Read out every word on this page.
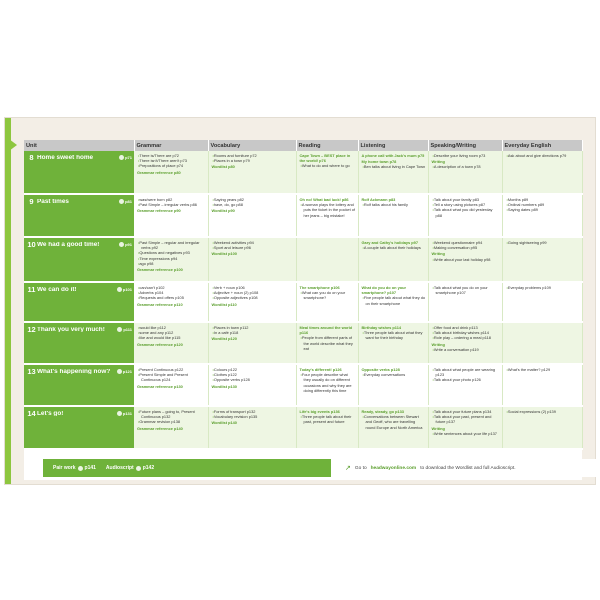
Unit	Grammar	Vocabulary	Reading	Listening	Speaking/Writing	Everyday English

8 Home sweet home p71	• There is/There are p72
• There isn't/There aren't p73
• Prepositions of place p74
Grammar reference p80	• Rooms and furniture p72
• Places in a town p79
Wordlist p80	Cape Town – BEST place in the world! p76
• What to do and where to go	A phone call with Jack's mum p75
My home town p78
• Ben talks about living in Cape Town	• Describe your living room p73
Writing
• A description of a town p78	• Ask about and give directions p79

9 Past times p81	• was/were born p82
• Past Simple – irregular verbs p86
Grammar reference p90	• Saying years p82
• have, do, go p88
Wordlist p90	Oh no! What bad luck! p86
• A woman plays the lottery and puts the ticket in the pocket of her jeans – big mistake!	Rolf Ackmann p83
• Rolf talks about his family	• Talk about your family p83
• Tell a story using pictures p87
• Talk about what you did yesterday p88	• Months p89
• Ordinal numbers p89
• Saying dates p89

10 We had a good time! p91	• Past Simple – regular and irregular verbs p92
• Questions and negatives p93
• Time expressions p94
• ago p98
Grammar reference p100	• Weekend activities p94
• Sport and leisure p96
Wordlist p100		Gary and Cathy's holidays p97
• A couple talk about their holidays	• Weekend questionnaire p94
• Making conversation p95
Writing
• Write about your last holiday p98	• Going sightseeing p99

11 We can do it! p101	• can/can't p102
• Adverbs p104
• Requests and offers p105
Grammar reference p110	• Verb + noun p106
• Adjective + noun (2) p108
• Opposite adjectives p108
Wordlist p110	The smartphone p106
• What can you do on your smartphone?	What do you do on your smartphone? p107
• Five people talk about what they do on their smartphone	• Talk about what you do on your smartphone p107	• Everyday problems p109

12 Thank you very much! p111	• would like p112
• some and any p112
• like and would like p115
Grammar reference p120	• Places in town p112
• In a café p118
Wordlist p120	Meal times around the world p116
• People from different parts of the world describe what they eat	Birthday wishes p114
• Three people talk about what they want for their birthday	• Offer food and drink p113
• Talk about birthday wishes p114
• Role play – ordering a meal p118
Writing
• Write a conversation p119

13 What's happening now? p121	• Present Continuous p122
• Present Simple and Present Continuous p124
Grammar reference p130	• Colours p122
• Clothes p122
• Opposite verbs p128
Wordlist p130	Today's different! p126
• Four people describe what they usually do on different occasions and why they are doing differently this time	Opposite verbs p128
• Everyday conversations	• Talk about what people are wearing p123
• Talk about your photo p126	• What's the matter? p129

14 Let's go! p131	• Future plans – going to, Present Continuous p132
• Grammar revision p138
Grammar reference p140	• Forms of transport p132
• Vocabulary revision p135
Wordlist p140	Life's big events p136
• Three people talk about their past, present and future	Ready, steady, go p133
• Conversations between Stewart and Geoff, who are travelling round Europe and North America	• Talk about your future plans p134
• Talk about your past, present and future p137
Writing
• Write sentences about your life p137	• Social expressions (2) p139
Pair work p141 Audioscript p142	↗ Go to headwayonline.com to download the Wordlist and full Audioscript.
